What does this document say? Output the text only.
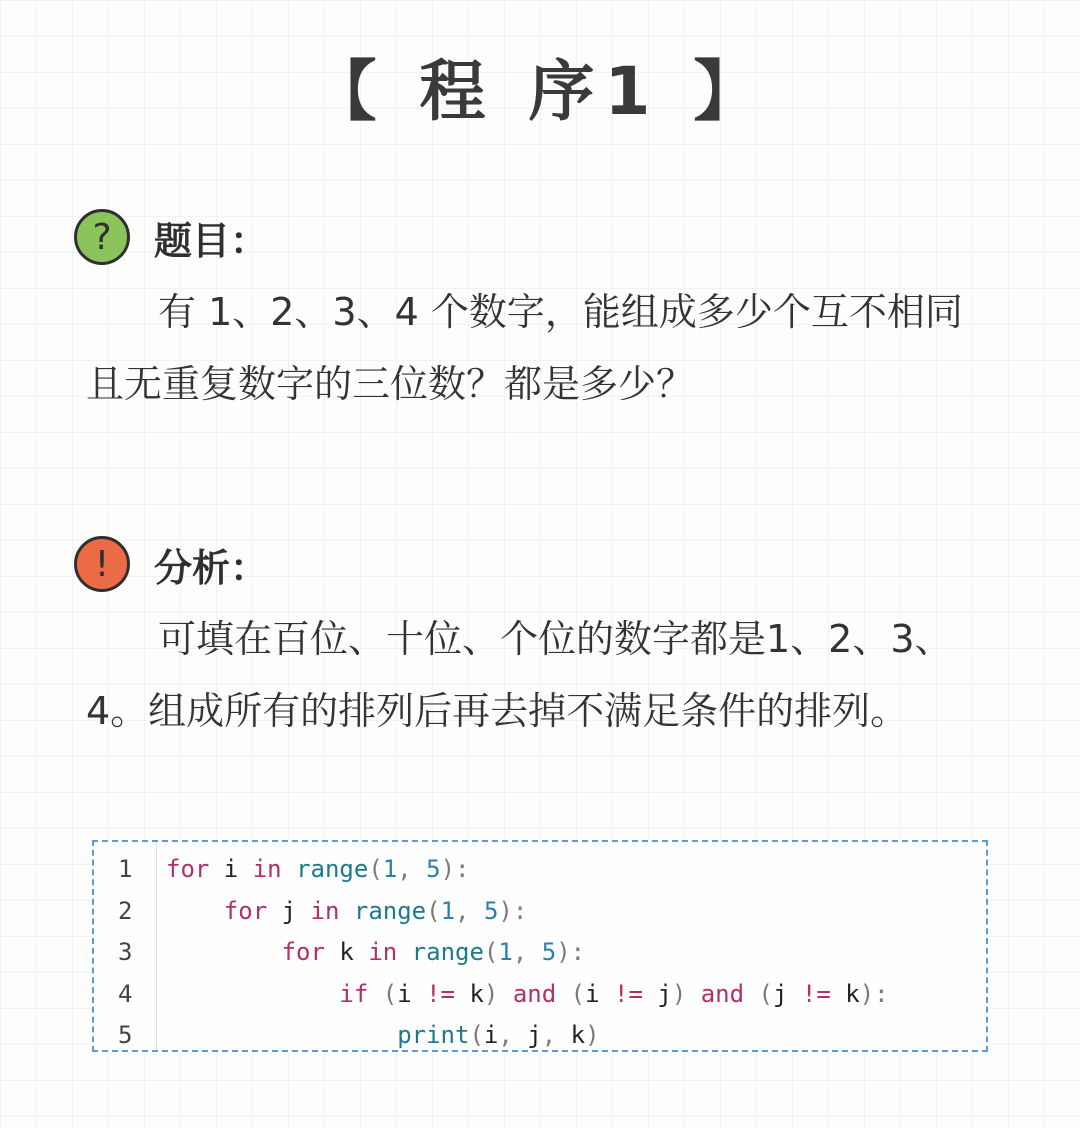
【 程 序1 】
?	题目：
有 1、2、3、4 个数字，能组成多少个互不相同且无重复数字的三位数？都是多少？
!	分析：
可填在百位、十位、个位的数字都是1、2、3、4。组成所有的排列后再去掉不满足条件的排列。
1	for i in range(1, 5):
2	for j in range(1, 5):
3	for k in range(1, 5):
4	if (i != k) and (i != j) and (j != k):
5	print(i, j, k)
